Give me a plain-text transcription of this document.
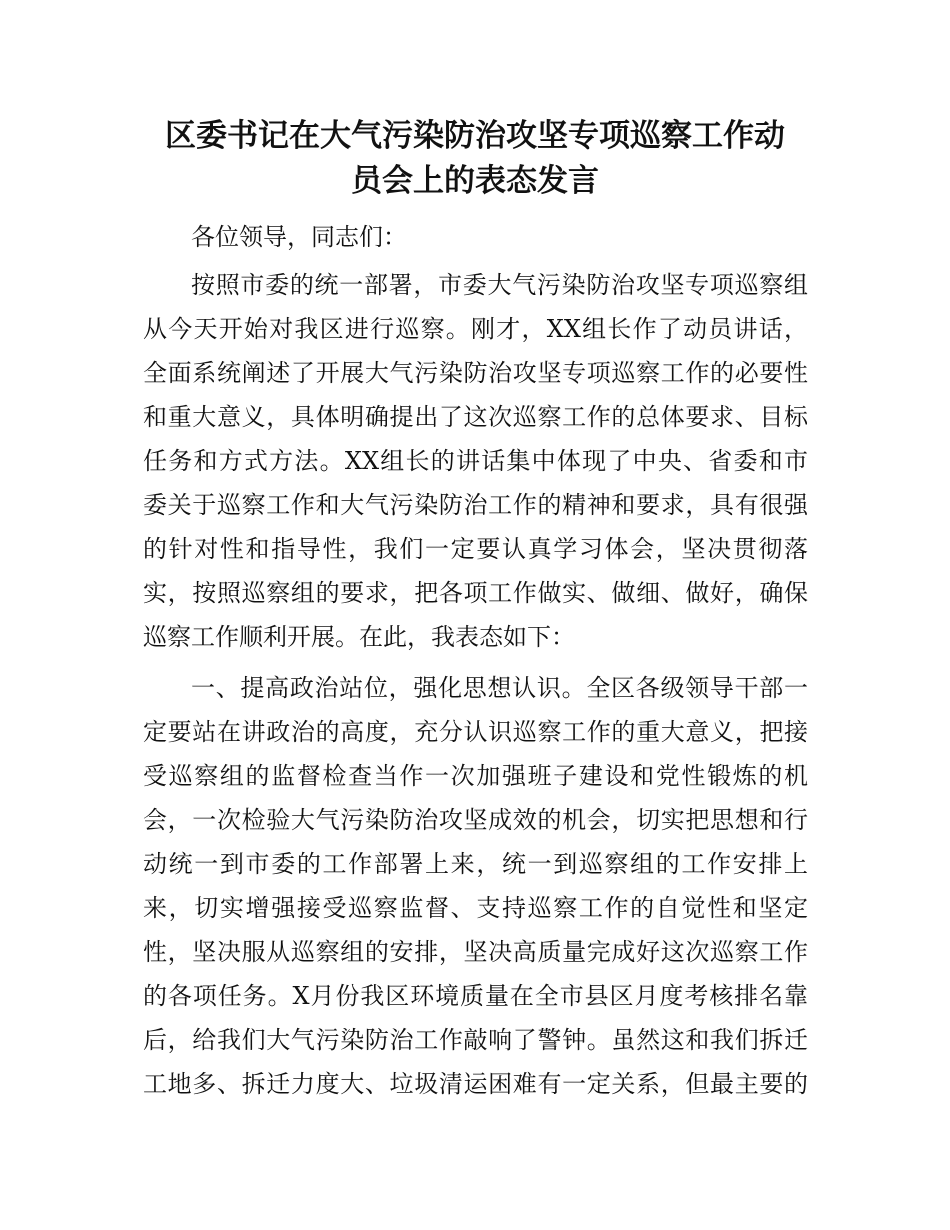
区委书记在大气污染防治攻坚专项巡察工作动
员会上的表态发言
各位领导，同志们：
按照市委的统一部署，市委大气污染防治攻坚专项巡察组
从今天开始对我区进行巡察。刚才，XX组长作了动员讲话，
全面系统阐述了开展大气污染防治攻坚专项巡察工作的必要性
和重大意义，具体明确提出了这次巡察工作的总体要求、目标
任务和方式方法。XX组长的讲话集中体现了中央、省委和市
委关于巡察工作和大气污染防治工作的精神和要求，具有很强
的针对性和指导性，我们一定要认真学习体会，坚决贯彻落
实，按照巡察组的要求，把各项工作做实、做细、做好，确保
巡察工作顺利开展。在此，我表态如下：
一、提高政治站位，强化思想认识。全区各级领导干部一
定要站在讲政治的高度，充分认识巡察工作的重大意义，把接
受巡察组的监督检查当作一次加强班子建设和党性锻炼的机
会，一次检验大气污染防治攻坚成效的机会，切实把思想和行
动统一到市委的工作部署上来，统一到巡察组的工作安排上
来，切实增强接受巡察监督、支持巡察工作的自觉性和坚定
性，坚决服从巡察组的安排，坚决高质量完成好这次巡察工作
的各项任务。X月份我区环境质量在全市县区月度考核排名靠
后，给我们大气污染防治工作敲响了警钟。虽然这和我们拆迁
工地多、拆迁力度大、垃圾清运困难有一定关系，但最主要的
